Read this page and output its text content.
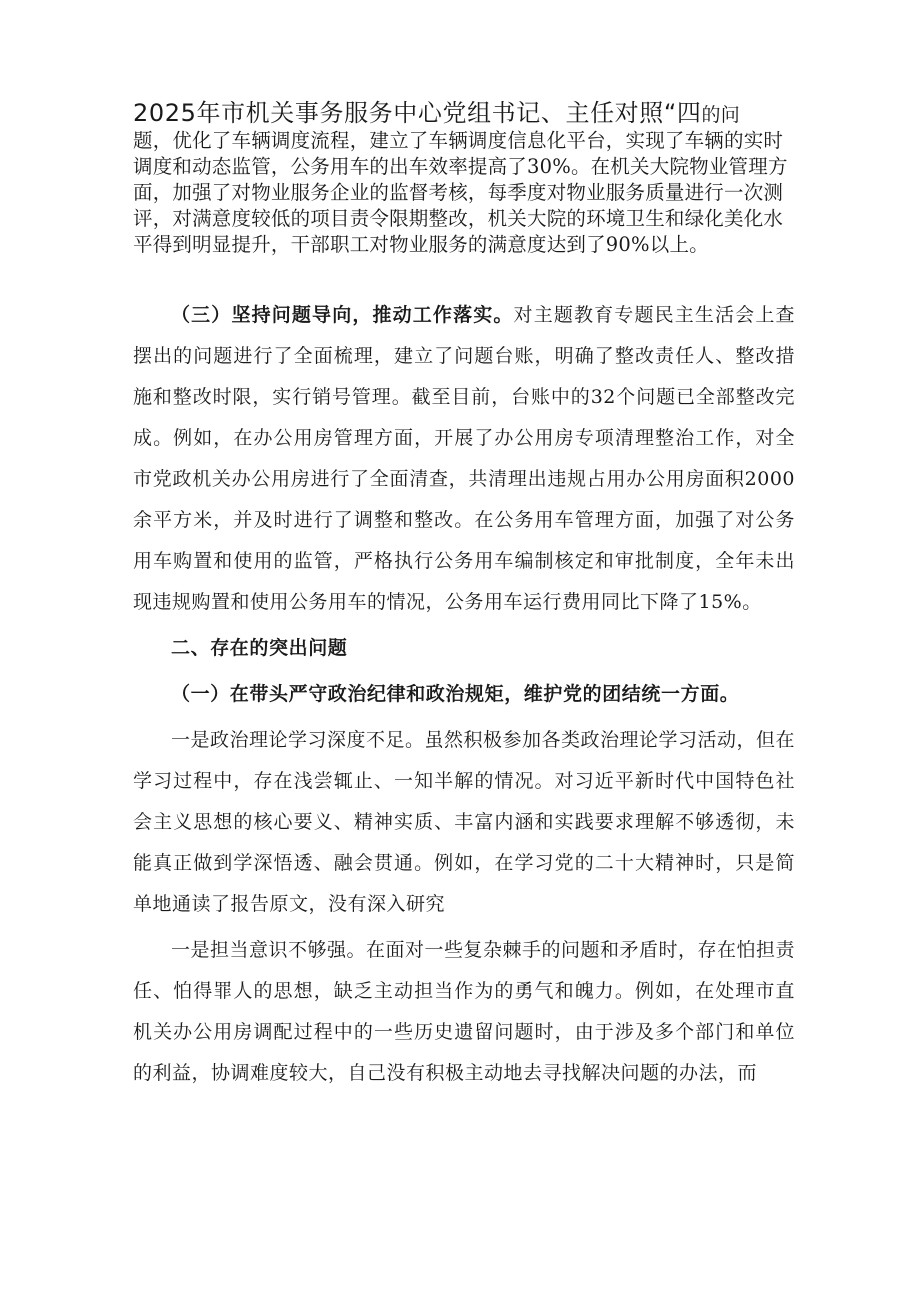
2025年市机关事务服务中心党组书记、主任对照“四的问
题，优化了车辆调度流程，建立了车辆调度信息化平台，实现了车辆的实时
调度和动态监管，公务用车的出车效率提高了30%。在机关大院物业管理方
面，加强了对物业服务企业的监督考核，每季度对物业服务质量进行一次测
评，对满意度较低的项目责令限期整改，机关大院的环境卫生和绿化美化水
平得到明显提升，干部职工对物业服务的满意度达到了90%以上。

（三）坚持问题导向，推动工作落实。对主题教育专题民主生活会上查摆出的问题进行了全面梳理，建立了问题台账，明确了整改责任人、整改措施和整改时限，实行销号管理。截至目前，台账中的32个问题已全部整改完成。例如，在办公用房管理方面，开展了办公用房专项清理整治工作，对全市党政机关办公用房进行了全面清查，共清理出违规占用办公用房面积2000余平方米，并及时进行了调整和整改。在公务用车管理方面，加强了对公务用车购置和使用的监管，严格执行公务用车编制核定和审批制度，全年未出现违规购置和使用公务用车的情况，公务用车运行费用同比下降了15%。

二、存在的突出问题

（一）在带头严守政治纪律和政治规矩，维护党的团结统一方面。

一是政治理论学习深度不足。虽然积极参加各类政治理论学习活动，但在学习过程中，存在浅尝辄止、一知半解的情况。对习近平新时代中国特色社会主义思想的核心要义、精神实质、丰富内涵和实践要求理解不够透彻，未能真正做到学深悟透、融会贯通。例如，在学习党的二十大精神时，只是简单地通读了报告原文，没有深入研究

一是担当意识不够强。在面对一些复杂棘手的问题和矛盾时，存在怕担责任、怕得罪人的思想，缺乏主动担当作为的勇气和魄力。例如，在处理市直机关办公用房调配过程中的一些历史遗留问题时，由于涉及多个部门和单位的利益，协调难度较大，自己没有积极主动地去寻找解决问题的办法，而
